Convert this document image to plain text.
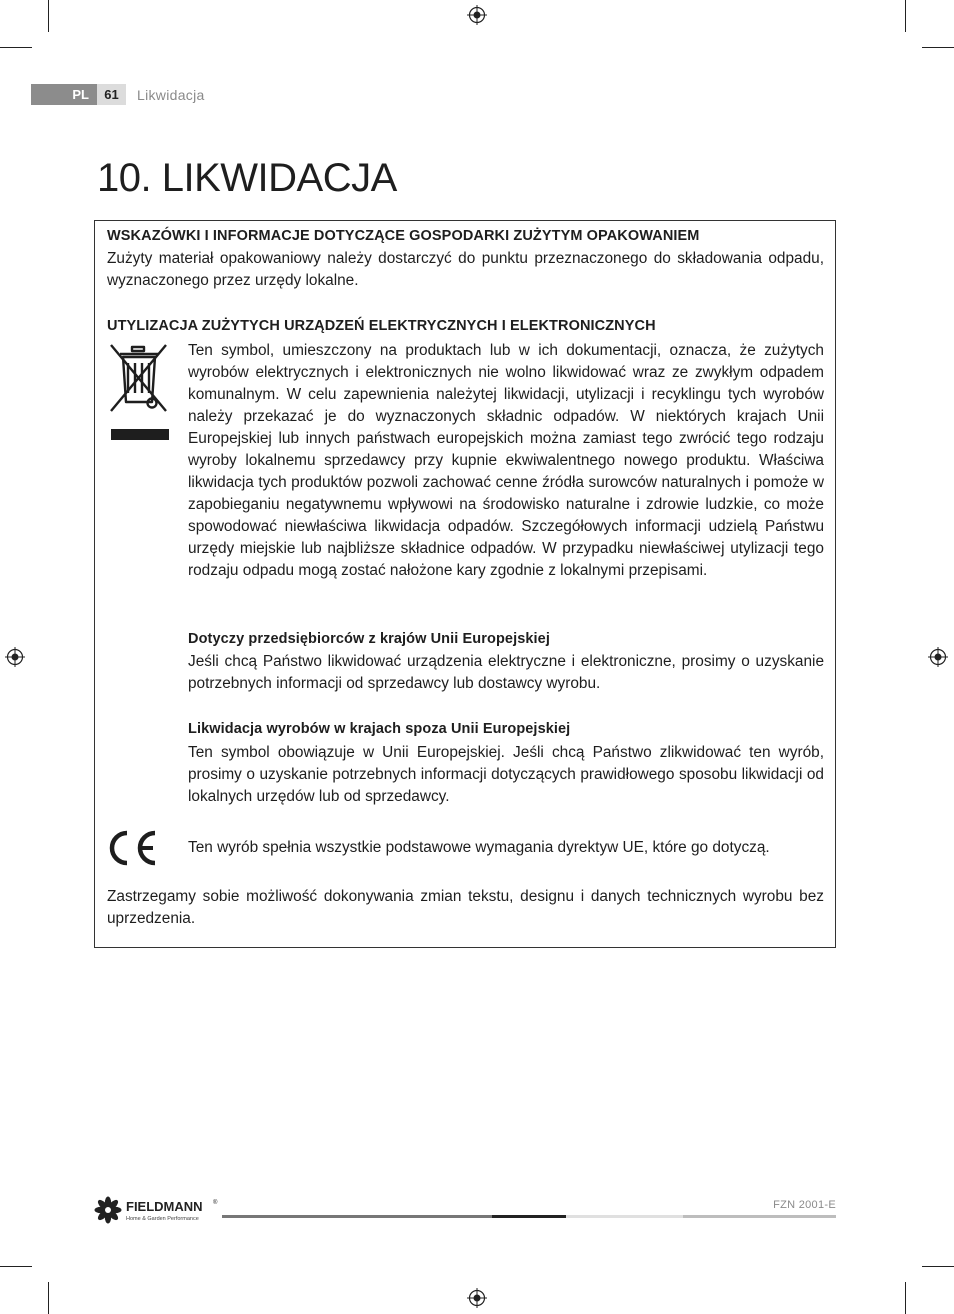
PL	61	Likwidacja
10. LIKWIDACJA
WSKAZÓWKI I INFORMACJE DOTYCZĄCE GOSPODARKI ZUŻYTYM OPAKOWANIEM

Zużyty materiał opakowaniowy należy dostarczyć do punktu przeznaczonego do składowania odpadu, wyznaczonego przez urzędy lokalne.

UTYLIZACJA ZUŻYTYCH URZĄDZEŃ ELEKTRYCZNYCH I ELEKTRONICZNYCH

Ten symbol, umieszczony na produktach lub w ich dokumentacji, oznacza, że zużytych wyrobów elektrycznych i elektronicznych nie wolno likwidować wraz ze zwykłym odpadem komunalnym. W celu zapewnienia należytej likwidacji, utylizacji i recyklingu tych wyrobów należy przekazać je do wyznaczonych składnic odpadów. W niektórych krajach Unii Europejskiej lub innych państwach europejskich można zamiast tego zwrócić tego rodzaju wyroby lokalnemu sprzedawcy przy kupnie ekwiwalentnego nowego produktu. Właściwa likwidacja tych produktów pozwoli zachować cenne źródła surowców naturalnych i pomoże w zapobieganiu negatywnemu wpływowi na środowisko naturalne i zdrowie ludzkie, co może spowodować niewłaściwa likwidacja odpadów. Szczegółowych informacji udzielą Państwu urzędy miejskie lub najbliższe składnice odpadów. W przypadku niewłaściwej utylizacji tego rodzaju odpadu mogą zostać nałożone kary zgodnie z lokalnymi przepisami.

Dotyczy przedsiębiorców z krajów Unii Europejskiej

Jeśli chcą Państwo likwidować urządzenia elektryczne i elektroniczne, prosimy o uzyskanie potrzebnych informacji od sprzedawcy lub dostawcy wyrobu.

Likwidacja wyrobów w krajach spoza Unii Europejskiej

Ten symbol obowiązuje w Unii Europejskiej. Jeśli chcą Państwo zlikwidować ten wyrób, prosimy o uzyskanie potrzebnych informacji dotyczących prawidłowego sposobu likwidacji od lokalnych urzędów lub od sprzedawcy.

Ten wyrób spełnia wszystkie podstawowe wymagania dyrektyw UE, które go dotyczą.

Zastrzegamy sobie możliwość dokonywania zmian tekstu, designu i danych technicznych wyrobu bez uprzedzenia.

FIELDMANN ®
Home & Garden Performance
FZN 2001-E
